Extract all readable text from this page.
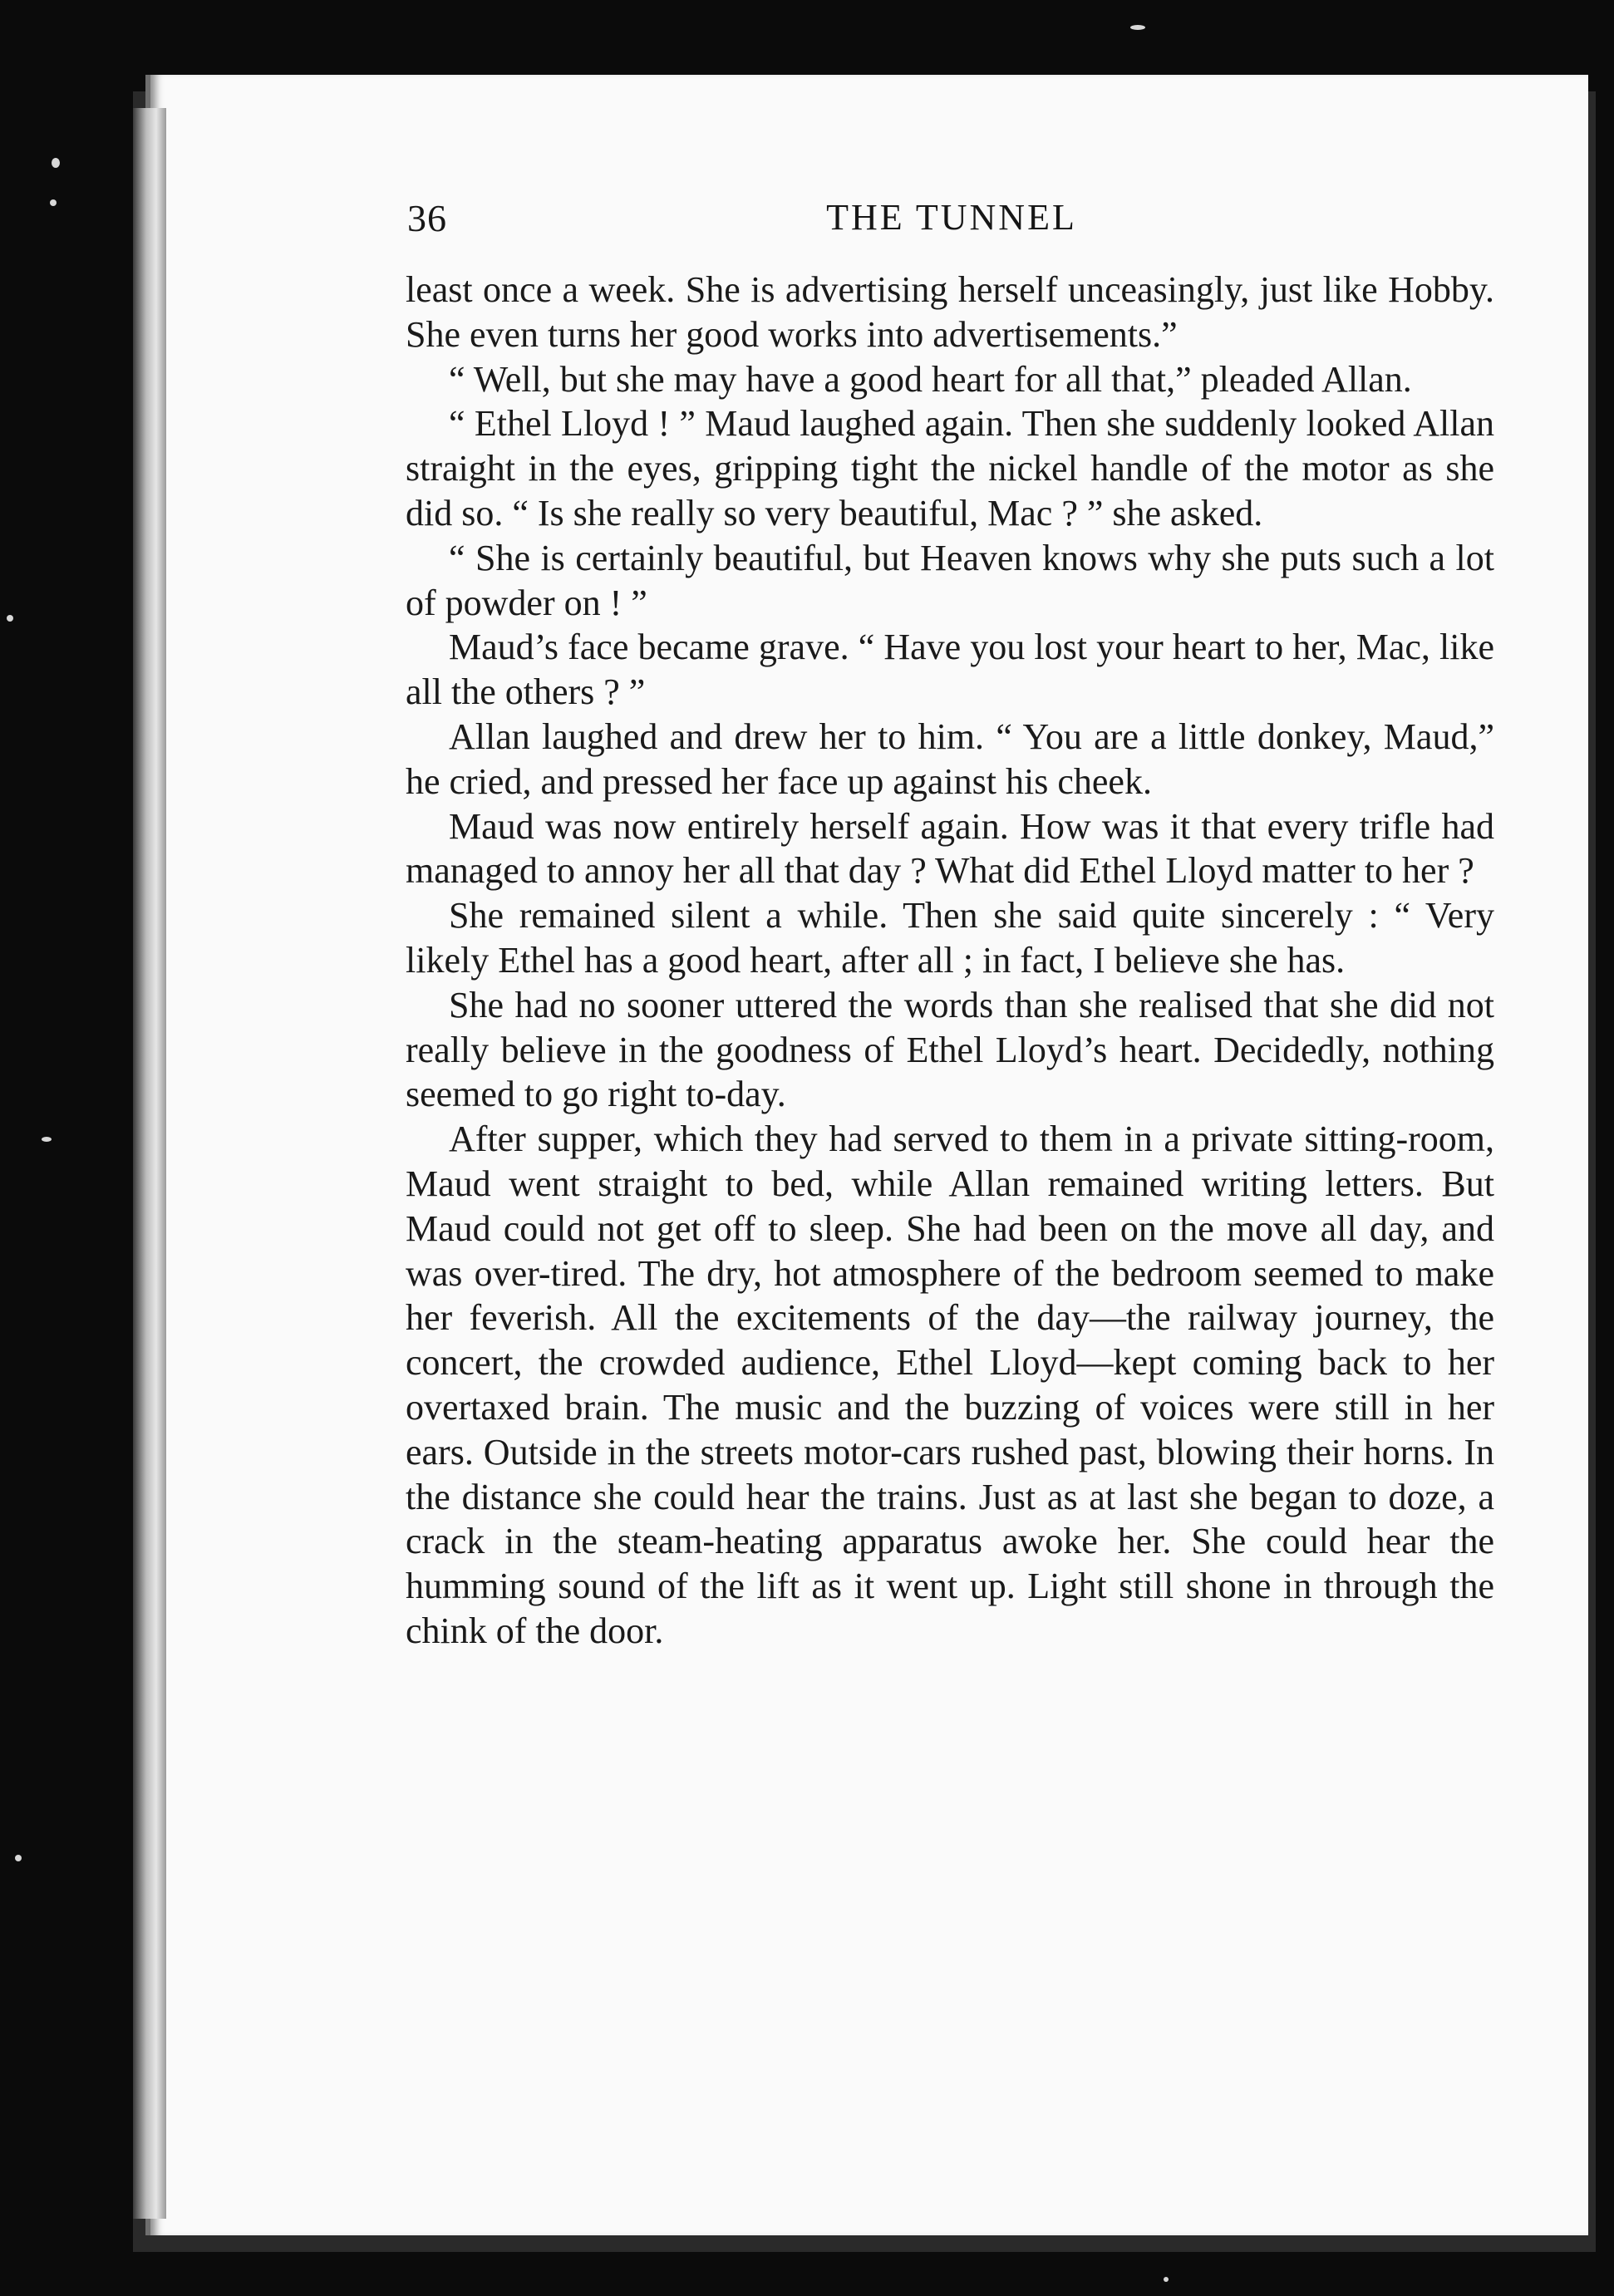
36	THE TUNNEL

least once a week. She is advertising herself unceasingly, just like Hobby. She even turns her good works into advertisements.”

“ Well, but she may have a good heart for all that,” pleaded Allan.

“ Ethel Lloyd ! ” Maud laughed again. Then she suddenly looked Allan straight in the eyes, gripping tight the nickel handle of the motor as she did so. “ Is she really so very beautiful, Mac ? ” she asked.

“ She is certainly beautiful, but Heaven knows why she puts such a lot of powder on ! ”

Maud’s face became grave. “ Have you lost your heart to her, Mac, like all the others ? ”

Allan laughed and drew her to him. “ You are a little donkey, Maud,” he cried, and pressed her face up against his cheek.

Maud was now entirely herself again. How was it that every trifle had managed to annoy her all that day ? What did Ethel Lloyd matter to her ?

She remained silent a while. Then she said quite sincerely : “ Very likely Ethel has a good heart, after all ; in fact, I believe she has.

She had no sooner uttered the words than she realised that she did not really believe in the goodness of Ethel Lloyd’s heart. Decidedly, nothing seemed to go right to-day.

After supper, which they had served to them in a private sitting-room, Maud went straight to bed, while Allan remained writing letters. But Maud could not get off to sleep. She had been on the move all day, and was over-tired. The dry, hot atmosphere of the bedroom seemed to make her feverish. All the excitements of the day—the railway journey, the concert, the crowded audience, Ethel Lloyd—kept coming back to her overtaxed brain. The music and the buzzing of voices were still in her ears. Outside in the streets motor-cars rushed past, blowing their horns. In the distance she could hear the trains. Just as at last she began to doze, a crack in the steam-heating apparatus awoke her. She could hear the humming sound of the lift as it went up. Light still shone in through the chink of the door.
